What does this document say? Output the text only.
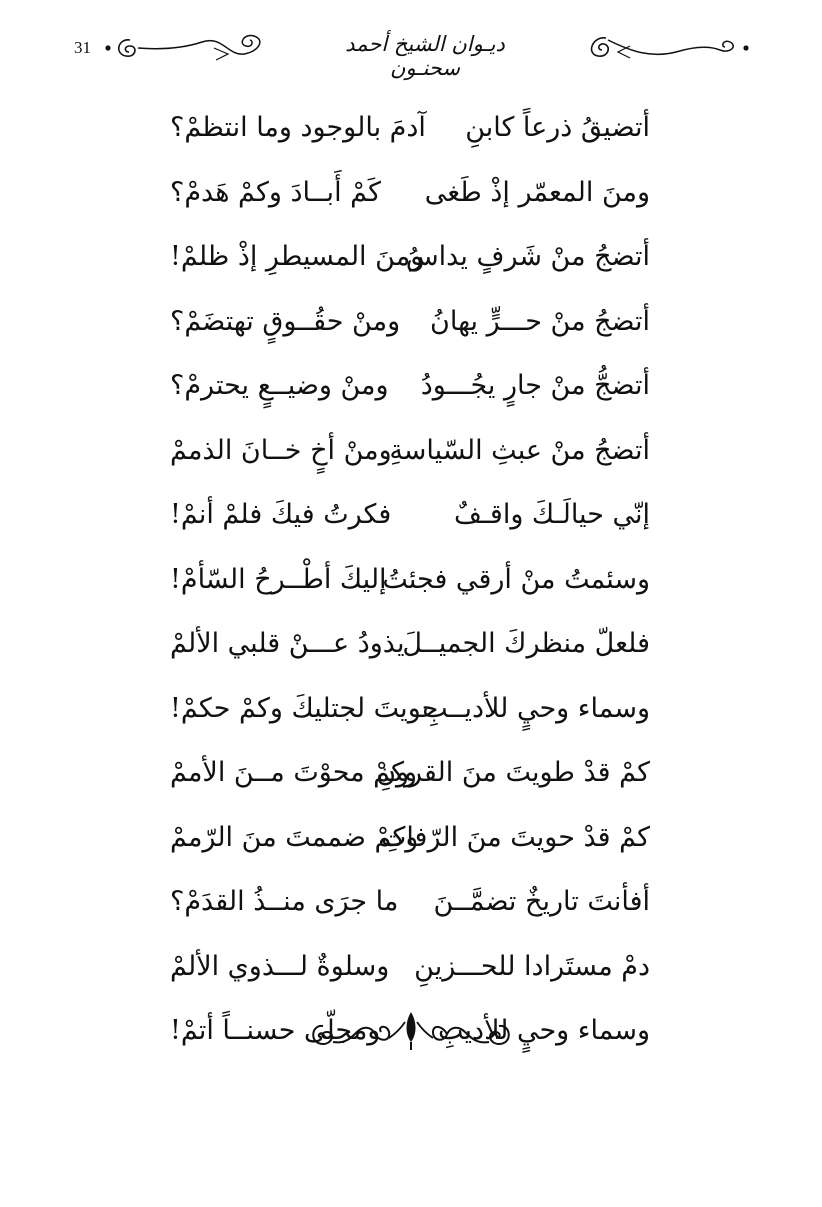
31	ديـوان الشيخ أحمد سحنـون
أتضيقُ ذرعاً كابنِ
آدمَ بالوجود وما انتظمْ؟
ومنَ المعمّر إذْ طَغى
كَمْ أَبــادَ وكمْ هَدمْ؟
أتضجُ منْ شَرفٍ يداسُ
ومنَ المسيطرِ إذْ ظلمْ!
أتضجُ منْ حـــرٍّ يهانُ
ومنْ حقُــوقٍ تهتضَمْ؟
أتضجُّ منْ جارٍ يجُـــودُ
ومنْ وضيــعٍ يحترمْ؟
أتضجُ منْ عبثِ السّياسةِ
ومنْ أخٍ خــانَ الذممْ
إنّي حيالَـكَ واقـفٌ
فكرتُ فيكَ فلمْ أنمْ!
وسئمتُ منْ أرقي فجئتُ
إليكَ أطْــرحُ السّأمْ!
فلعلّ منظركَ الجميــلَ
يذودُ عـــنْ قلبي الألمْ
وسماء وحيٍ للأديــبِ
حويتَ لجتليكَ وكمْ حكمْ!
كمْ قدْ طويتَ منَ القرونِ
وكمْ محوْتَ مــنَ الأممْ
كمْ قدْ حويتَ منَ الرّفاتِ
وكمْ ضممتَ منَ الرّممْ
أفأنتَ تاريخٌ تضمَّــنَ
ما جرَى منــذُ القدَمْ؟
دمْ مستَرادا للحـــزينِ
وسلوةٌ لـــذوي الألمْ
وسماء وحيٍ للأديبِ
ومجلّى حسنــاً أتمْ!
